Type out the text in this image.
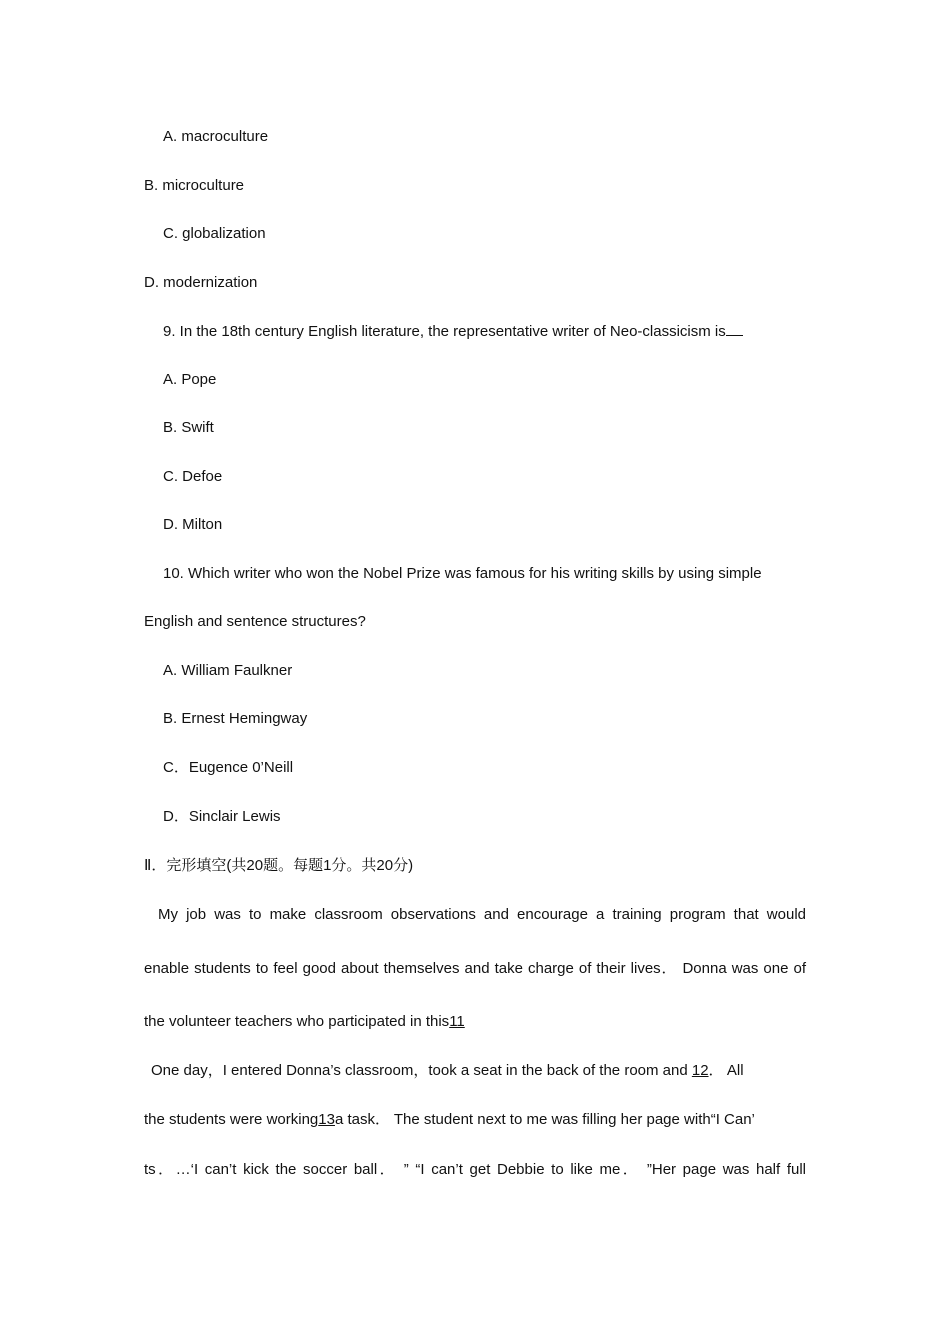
A. macroculture
B. microculture
C. globalization
D. modernization
9. In the 18th century English literature, the representative writer of Neo-classicism is
A. Pope
B. Swift
C. Defoe
D. Milton
10. Which writer who won the Nobel Prize was famous for his writing skills by using simple
English and sentence structures?
A. William Faulkner
B. Ernest Hemingway
C．Eugence 0’Neill
D．Sinclair Lewis
Ⅱ．完形填空(共20题。每题1分。共20分)
My job was to make classroom observations and encourage a training program that would
enable students to feel good about themselves and take charge of their lives． Donna was one of
the volunteer teachers who participated in this11
One day，I entered Donna’s classroom，took a seat in the back of the room and 12． All
the students were working13a task． The student next to me was filling her page with“I Can’
ts．…‘I can’t kick the soccer ball． ” “I can’t get Debbie to like me． ”Her page was half full
